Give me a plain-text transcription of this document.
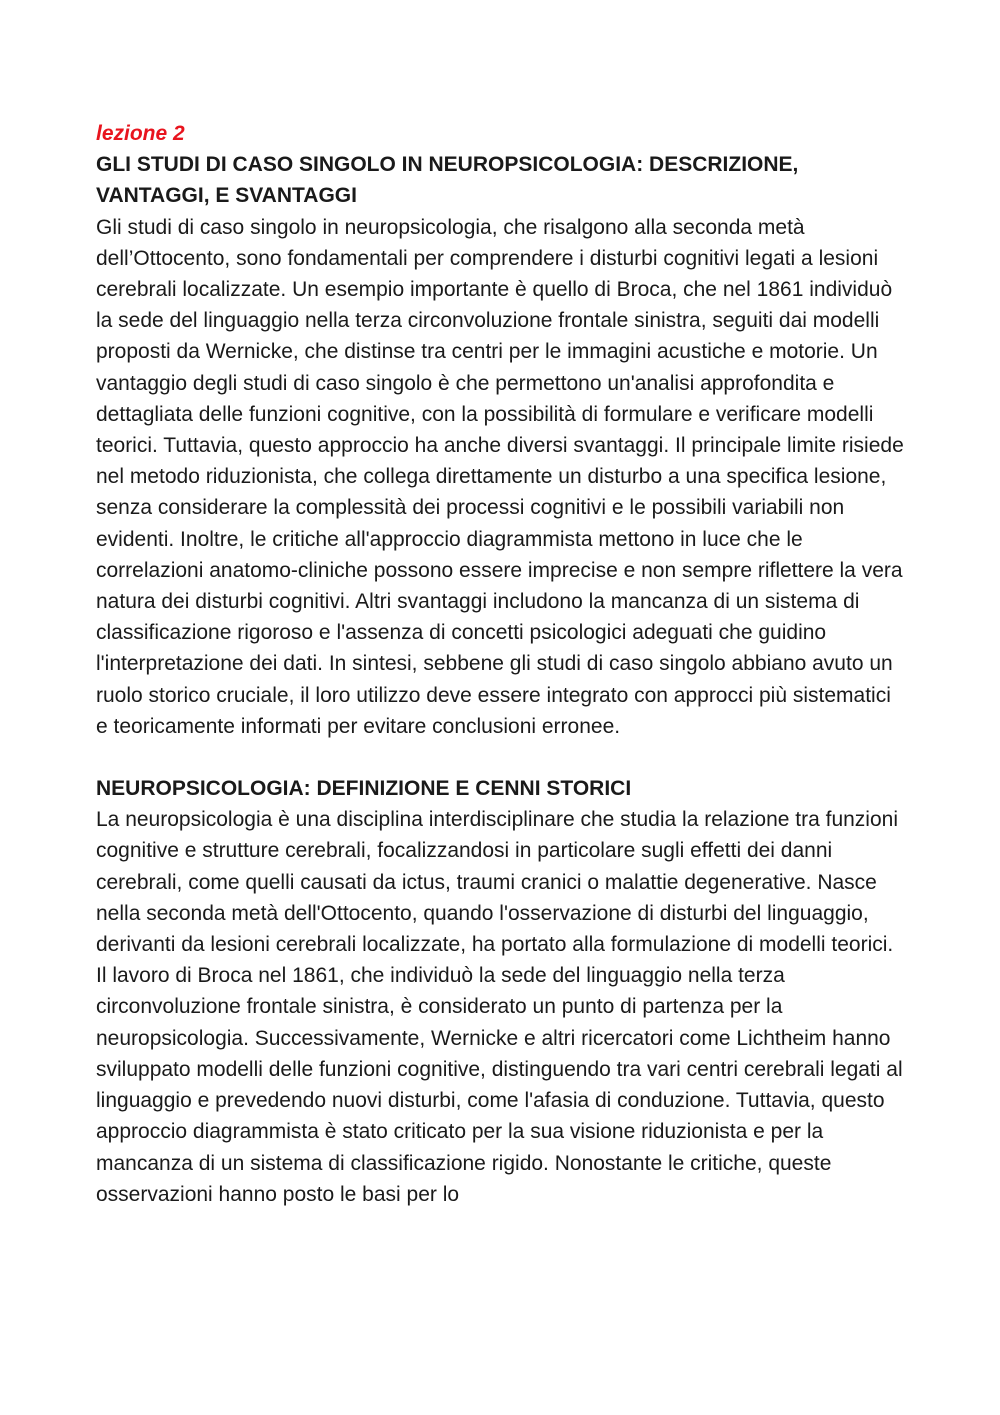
lezione 2

GLI STUDI DI CASO SINGOLO IN NEUROPSICOLOGIA: DESCRIZIONE, VANTAGGI, E SVANTAGGI

Gli studi di caso singolo in neuropsicologia, che risalgono alla seconda metà dell’Ottocento, sono fondamentali per comprendere i disturbi cognitivi legati a lesioni cerebrali localizzate. Un esempio importante è quello di Broca, che nel 1861 individuò la sede del linguaggio nella terza circonvoluzione frontale sinistra, seguiti dai modelli proposti da Wernicke, che distinse tra centri per le immagini acustiche e motorie. Un vantaggio degli studi di caso singolo è che permettono un'analisi approfondita e dettagliata delle funzioni cognitive, con la possibilità di formulare e verificare modelli teorici. Tuttavia, questo approccio ha anche diversi svantaggi. Il principale limite risiede nel metodo riduzionista, che collega direttamente un disturbo a una specifica lesione, senza considerare la complessità dei processi cognitivi e le possibili variabili non evidenti. Inoltre, le critiche all'approccio diagrammista mettono in luce che le correlazioni anatomo-cliniche possono essere imprecise e non sempre riflettere la vera natura dei disturbi cognitivi. Altri svantaggi includono la mancanza di un sistema di classificazione rigoroso e l'assenza di concetti psicologici adeguati che guidino l'interpretazione dei dati. In sintesi, sebbene gli studi di caso singolo abbiano avuto un ruolo storico cruciale, il loro utilizzo deve essere integrato con approcci più sistematici e teoricamente informati per evitare conclusioni erronee.

NEUROPSICOLOGIA: DEFINIZIONE E CENNI STORICI

La neuropsicologia è una disciplina interdisciplinare che studia la relazione tra funzioni cognitive e strutture cerebrali, focalizzandosi in particolare sugli effetti dei danni cerebrali, come quelli causati da ictus, traumi cranici o malattie degenerative. Nasce nella seconda metà dell'Ottocento, quando l'osservazione di disturbi del linguaggio, derivanti da lesioni cerebrali localizzate, ha portato alla formulazione di modelli teorici. Il lavoro di Broca nel 1861, che individuò la sede del linguaggio nella terza circonvoluzione frontale sinistra, è considerato un punto di partenza per la neuropsicologia. Successivamente, Wernicke e altri ricercatori come Lichtheim hanno sviluppato modelli delle funzioni cognitive, distinguendo tra vari centri cerebrali legati al linguaggio e prevedendo nuovi disturbi, come l'afasia di conduzione. Tuttavia, questo approccio diagrammista è stato criticato per la sua visione riduzionista e per la mancanza di un sistema di classificazione rigido. Nonostante le critiche, queste osservazioni hanno posto le basi per lo
